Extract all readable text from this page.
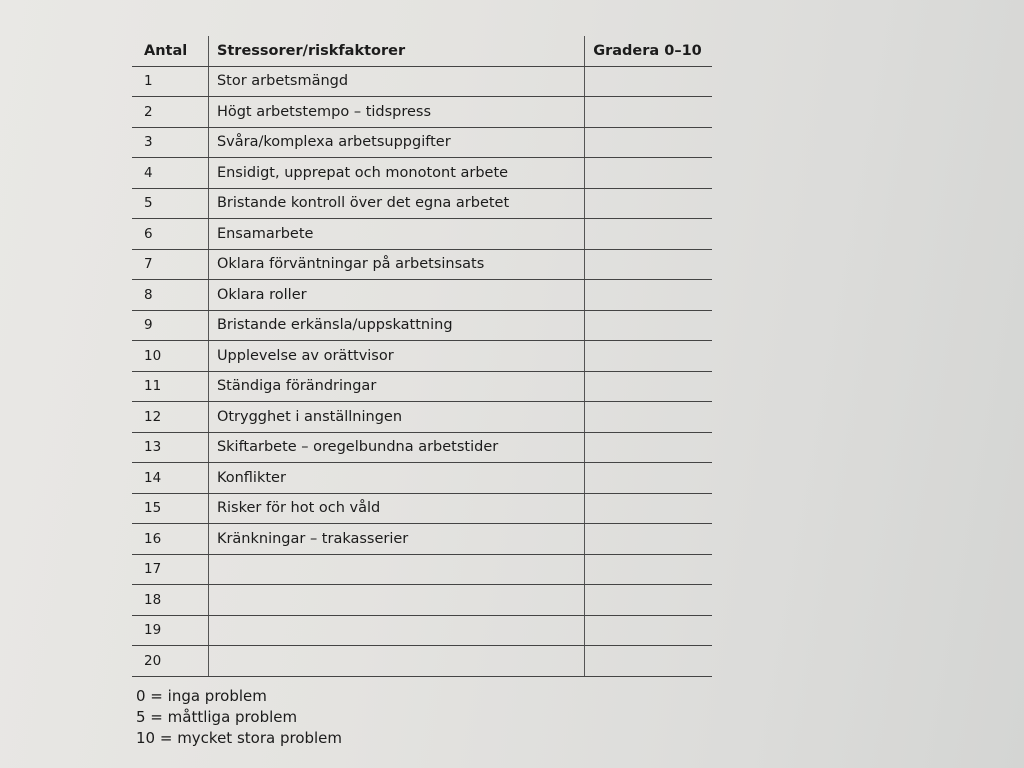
Antal	Stressorer/riskfaktorer	Gradera 0–10
1	Stor arbetsmängd	
2	Högt arbetstempo – tidspress	
3	Svåra/komplexa arbetsuppgifter	
4	Ensidigt, upprepat och monotont arbete	
5	Bristande kontroll över det egna arbetet	
6	Ensamarbete	
7	Oklara förväntningar på arbetsinsats	
8	Oklara roller	
9	Bristande erkänsla/uppskattning	
10	Upplevelse av orättvisor	
11	Ständiga förändringar	
12	Otrygghet i anställningen	
13	Skiftarbete – oregelbundna arbetstider	
14	Konflikter	
15	Risker för hot och våld	
16	Kränkningar – trakasserier	
17		
18		
19		
20		
0 = inga problem
5 = måttliga problem
10 = mycket stora problem
